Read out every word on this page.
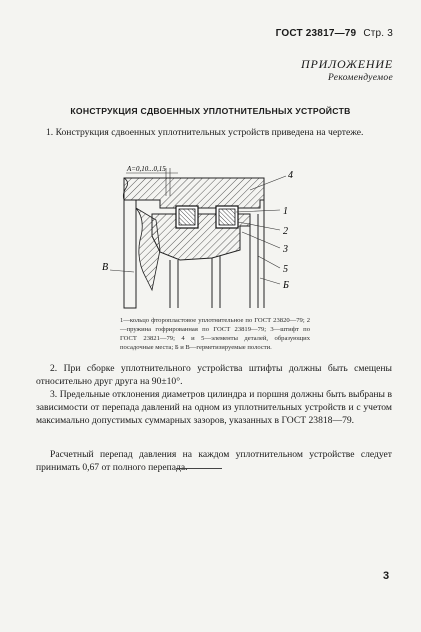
ГОСТ 23817—79 Стр. 3
ПРИЛОЖЕНИЕ
Рекомендуемое
КОНСТРУКЦИЯ СДВОЕННЫХ УПЛОТНИТЕЛЬНЫХ УСТРОЙСТВ
1. Конструкция сдвоенных уплотнительных устройств приведена на чертеже.
A=0,10...0,15
4
1
2
3
5
Б
В
1—кольцо фторопластовое уплотнительное по ГОСТ 23820—79; 2—пружина гофрированная по ГОСТ 23819—79; 3—штифт по ГОСТ 23821—79; 4 и 5—элементы деталей, образующих посадочные места; Б и В—герметизируемые полости.
2. При сборке уплотнительного устройства штифты должны быть смещены относительно друг друга на 90±10°.
3. Предельные отклонения диаметров цилиндра и поршня должны быть выбраны в зависимости от перепада давлений на одном из уплотнительных устройств и с учетом максимально допустимых суммарных зазоров, указанных в ГОСТ 23818—79.
Расчетный перепад давления на каждом уплотнительном устройстве следует принимать 0,67 от полного перепада.
3
